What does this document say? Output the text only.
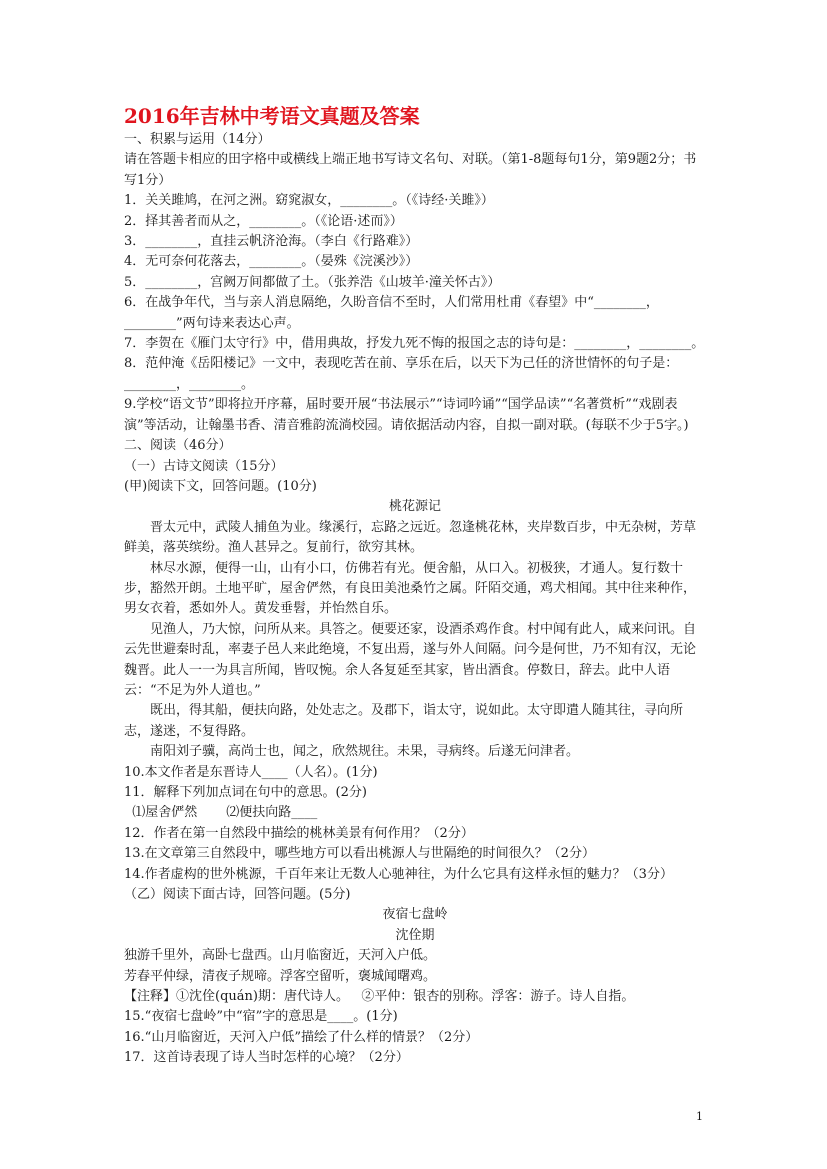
2016年吉林中考语文真题及答案

一、积累与运用（14分）

请在答题卡相应的田字格中或横线上端正地书写诗文名句、对联。（第1-8题每句1分，第9题2分；书写1分）

1．关关雎鸠，在河之洲。窈窕淑女，________。（《诗经·关雎》）

2．择其善者而从之，________。（《论语·述而》）

3．________，直挂云帆济沧海。（李白《行路难》）

4．无可奈何花落去，________。（晏殊《浣溪沙》）

5．________，宫阙万间都做了土。（张养浩《山坡羊·潼关怀古》）

6．在战争年代，当与亲人消息隔绝，久盼音信不至时，人们常用杜甫《春望》中“________，________”两句诗来表达心声。

7．李贺在《雁门太守行》中，借用典故，抒发九死不悔的报国之志的诗句是：________，________。

8．范仲淹《岳阳楼记》一文中，表现吃苦在前、享乐在后，以天下为己任的济世情怀的句子是：________，________。

9.学校“语文节”即将拉开序幕，届时要开展“书法展示”“诗词吟诵”“国学品读”“名著赏析”“戏剧表演”等活动，让翰墨书香、清音雅韵流淌校园。请依据活动内容，自拟一副对联。(每联不少于5字。)

二、阅读（46分）

（一）古诗文阅读（15分）

(甲)阅读下文，回答问题。(10分)

桃花源记

晋太元中，武陵人捕鱼为业。缘溪行，忘路之远近。忽逢桃花林，夹岸数百步，中无杂树，芳草鲜美，落英缤纷。渔人甚异之。复前行，欲穷其林。

林尽水源，便得一山，山有小口，仿佛若有光。便舍船，从口入。初极狭，才通人。复行数十步，豁然开朗。土地平旷，屋舍俨然，有良田美池桑竹之属。阡陌交通，鸡犬相闻。其中往来种作，男女衣着，悉如外人。黄发垂髫，并怡然自乐。

见渔人，乃大惊，问所从来。具答之。便要还家，设酒杀鸡作食。村中闻有此人，咸来问讯。自云先世避秦时乱，率妻子邑人来此绝境，不复出焉，遂与外人间隔。问今是何世，乃不知有汉，无论魏晋。此人一一为具言所闻，皆叹惋。余人各复延至其家，皆出酒食。停数日，辞去。此中人语云：“不足为外人道也。”

既出，得其船，便扶向路，处处志之。及郡下，诣太守，说如此。太守即遣人随其往，寻向所志，遂迷，不复得路。

南阳刘子骥，高尚士也，闻之，欣然规往。未果，寻病终。后遂无问津者。

10.本文作者是东晋诗人____（人名）。(1分)

11．解释下列加点词在句中的意思。(2分)

⑴屋舍俨然       ⑵便扶向路____

12．作者在第一自然段中描绘的桃林美景有何作用？（2分）

13.在文章第三自然段中，哪些地方可以看出桃源人与世隔绝的时间很久？（2分）

14.作者虚构的世外桃源，千百年来让无数人心驰神往，为什么它具有这样永恒的魅力？（3分）

（乙）阅读下面古诗，回答问题。(5分)

夜宿七盘岭

沈佺期

独游千里外，高卧七盘西。山月临窗近，天河入户低。

芳春平仲绿，清夜子规啼。浮客空留听，褒城闻曙鸡。

【注释】①沈佺(quán)期：唐代诗人。   ②平仲：银杏的别称。浮客：游子。诗人自指。

15.“夜宿七盘岭”中“宿”字的意思是____。(1分)

16.“山月临窗近，天河入户低”描绘了什么样的情景？（2分）

17．这首诗表现了诗人当时怎样的心境？（2分）

1
